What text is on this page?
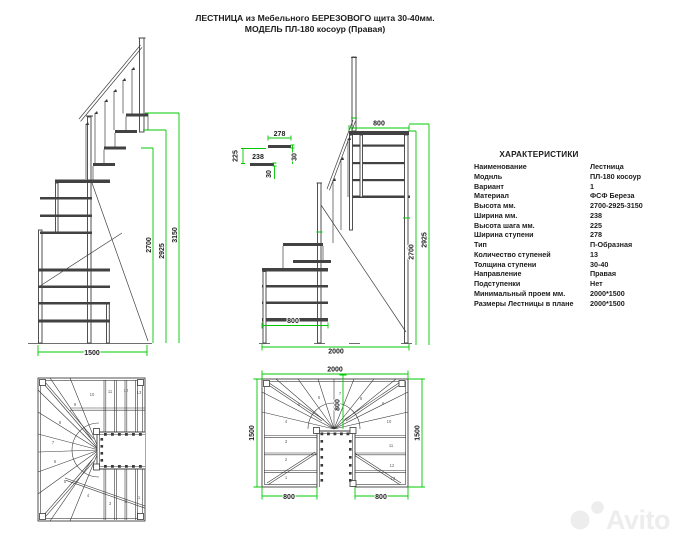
2700 2925
3150
1500
278
238
225	30
30
800
800
2000
2700
2925
1
2
3
4
5
6
7
8
9
10
11	12 13
2000
1500	1500
800	800
800
1
2
3
4
5
6
7
8
9
10
11
12
13
Avito
ЛЕСТНИЦА из Мебельного БЕРЕЗОВОГО щита 30-40мм.
МОДЕЛЬ ПЛ-180 косоур (Правая)
ХАРАКТЕРИСТИКИ
Наименование	Лестница
Моднль	ПЛ-180 косоур
Вариант	1
Материал	ФСФ Береза
Высота мм.	2700-2925-3150
Ширина мм.	238
Высота шага мм.	225
Ширина ступени	278
Тип	П-Образная
Количество ступеней	13
Толщина ступени	30-40
Направление	Правая
Подступенки	Нет
Минимальный проем мм.	2000*1500
Размеры Лестницы в плане	2000*1500
